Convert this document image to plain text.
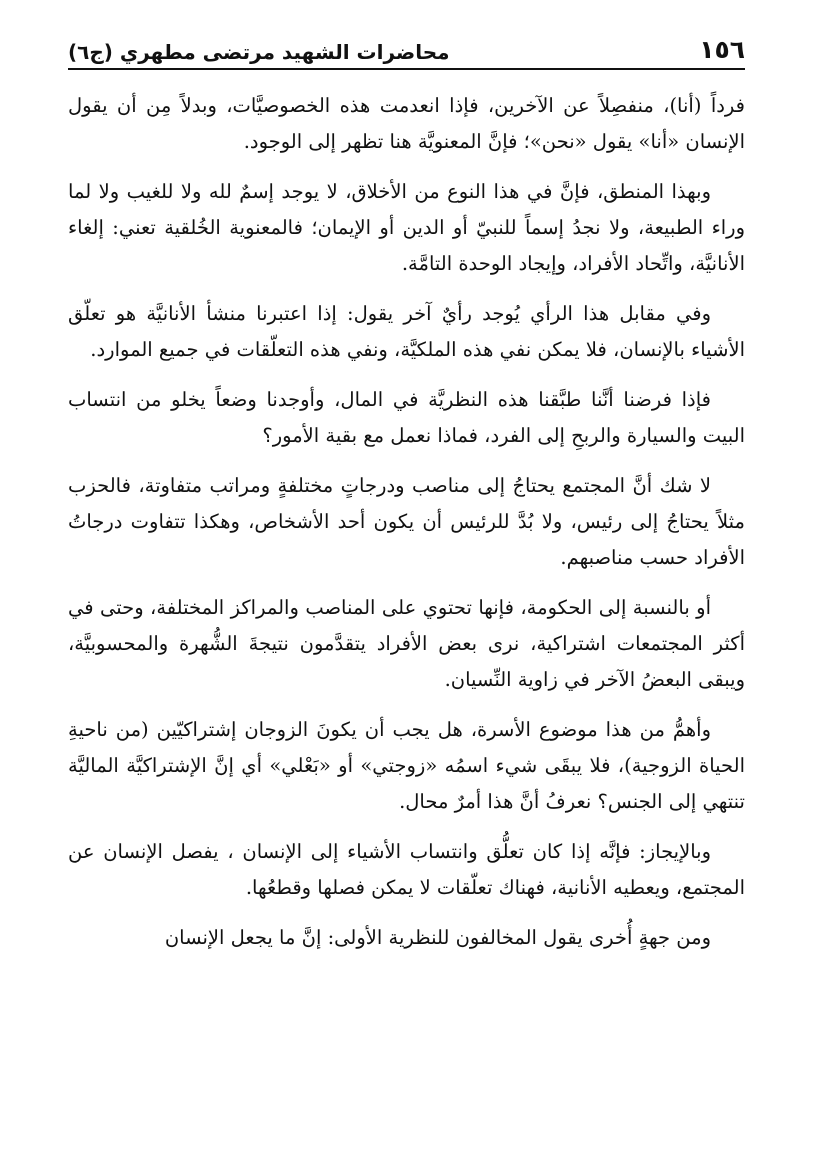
١٥٦
محاضرات الشهيد مرتضى مطهري (ج٦)

فرداً (أنا)، منفصِلاً عن الآخرين، فإذا انعدمت هذه الخصوصيَّات، وبدلاً مِن أن يقول الإنسان «أنا» يقول «نحن»؛ فإنَّ المعنويَّة هنا تظهر إلى الوجود.

وبهذا المنطق، فإنَّ في هذا النوع من الأخلاق، لا يوجد إسمٌ لله ولا للغيب ولا لما وراء الطبيعة، ولا نجدُ إسماً للنبيّ أو الدين أو الإيمان؛ فالمعنوية الخُلقية تعني: إلغاء الأنانيَّة، واتِّحاد الأفراد، وإيجاد الوحدة التامَّة.

وفي مقابل هذا الرأي يُوجد رأيٌ آخر يقول: إذا اعتبرنا منشأ الأنانيَّة هو تعلّق الأشياء بالإنسان، فلا يمكن نفي هذه الملكيَّة، ونفي هذه التعلّقات في جميع الموارد.

فإذا فرضنا أنَّنا طبَّقنا هذه النظريَّة في المال، وأوجدنا وضعاً يخلو من انتساب البيت والسيارة والربحِ إلى الفرد، فماذا نعمل مع بقية الأمور؟

لا شك أنَّ المجتمع يحتاجُ إلى مناصب ودرجاتٍ مختلفةٍ ومراتب متفاوتة، فالحزب مثلاً يحتاجُ إلى رئيس، ولا بُدَّ للرئيس أن يكون أحد الأشخاص، وهكذا تتفاوت درجاتُ الأفراد حسب مناصبهم.

أو بالنسبة إلى الحكومة، فإنها تحتوي على المناصب والمراكز المختلفة، وحتى في أكثر المجتمعات اشتراكية، نرى بعض الأفراد يتقدَّمون نتيجةَ الشُّهرة والمحسوبيَّة، ويبقى البعضُ الآخر في زاوية النِّسيان.

وأهمُّ من هذا موضوع الأسرة، هل يجب أن يكونَ الزوجان إشتراكيّين (من ناحيةِ الحياة الزوجية)، فلا يبقَى شيء اسمُه «زوجتي» أو «بَعْلي» أي إنَّ الإشتراكيَّة الماليَّة تنتهي إلى الجنس؟ نعرفُ أنَّ هذا أمرٌ محال.

وبالإيجاز: فإنَّه إذا كان تعلُّق وانتساب الأشياء إلى الإنسان ، يفصل الإنسان عن المجتمع، ويعطيه الأنانية، فهناك تعلّقات لا يمكن فصلها وقطعُها.

ومن جهةٍ أُخرى يقول المخالفون للنظرية الأولى: إنَّ ما يجعل الإنسان
